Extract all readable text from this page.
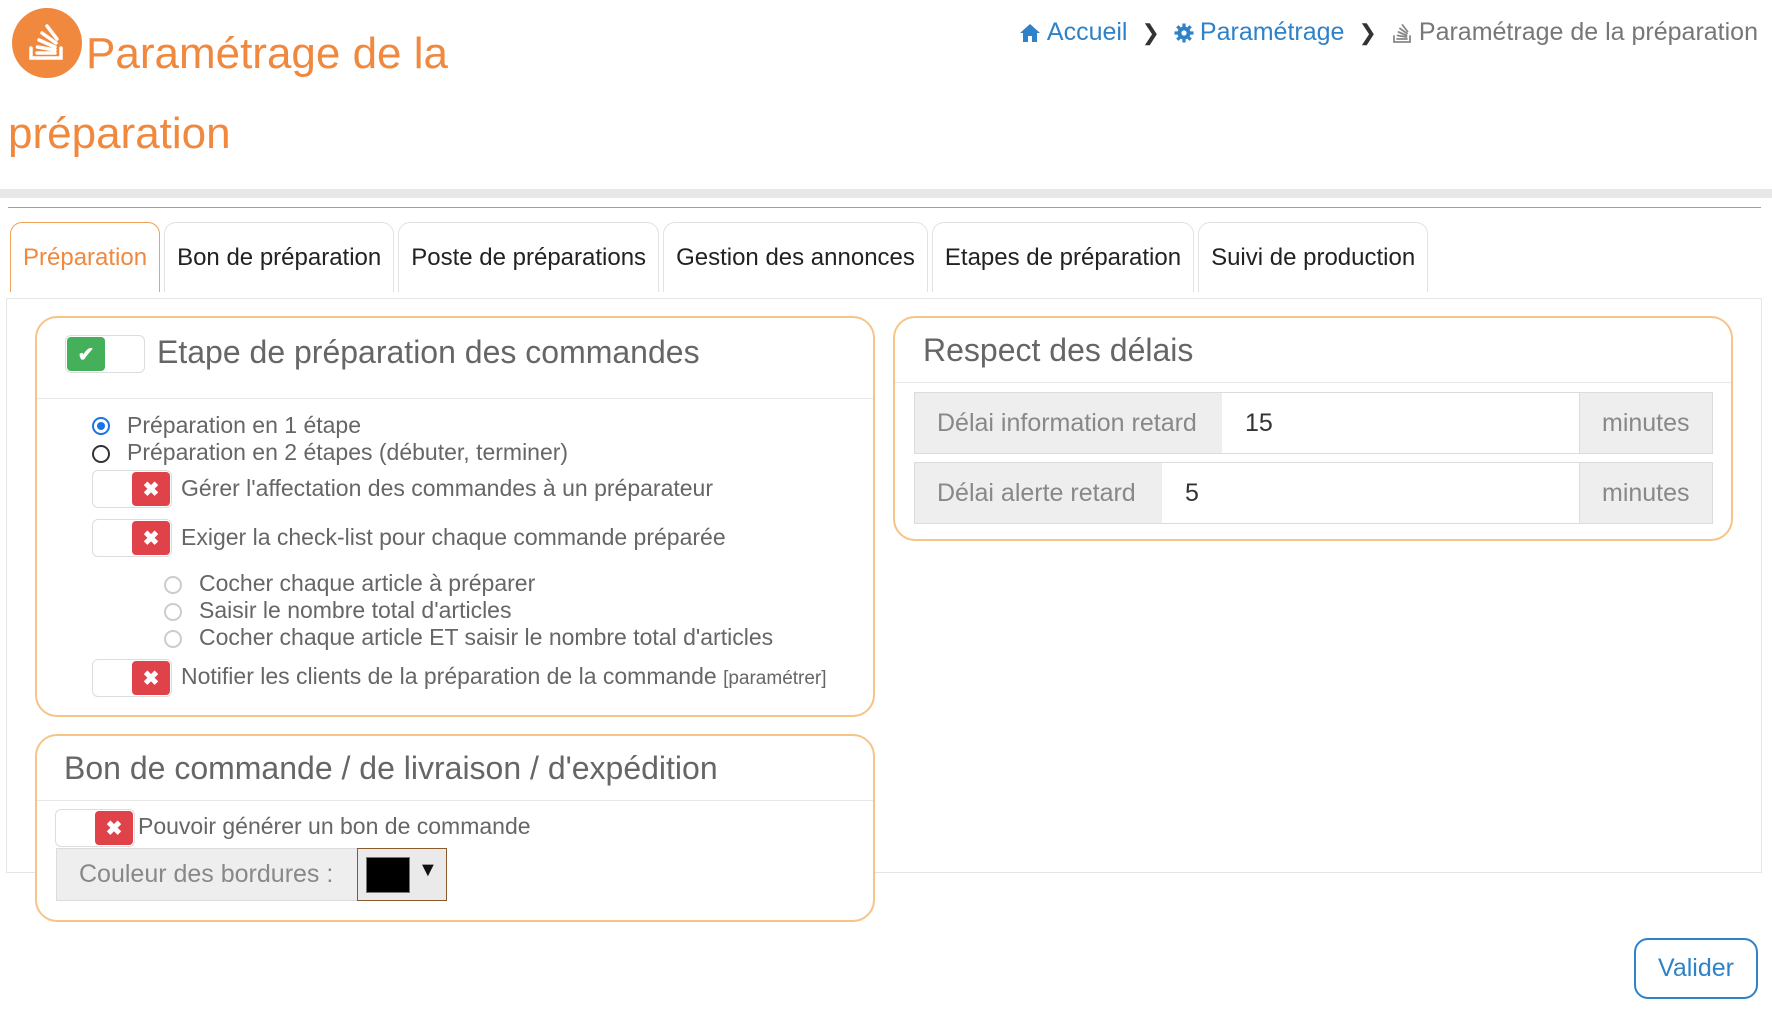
Paramétrage de la préparation
Accueil ❯ Paramétrage ❯ Paramétrage de la préparation
Préparation	Bon de préparation	Poste de préparations	Gestion des annonces	Etapes de préparation	Suivi de production
✔	Etape de préparation des commandes
Préparation en 1 étape
Préparation en 2 étapes (débuter, terminer)
✖ Gérer l'affectation des commandes à un préparateur
✖ Exiger la check-list pour chaque commande préparée
Cocher chaque article à préparer
Saisir le nombre total d'articles
Cocher chaque article ET saisir le nombre total d'articles
✖ Notifier les clients de la préparation de la commande [paramétrer]
Bon de commande / de livraison / d'expédition
✖ Pouvoir générer un bon de commande
Couleur des bordures :	▼
Respect des délais
Délai information retard 15	minutes
Délai alerte retard 5	minutes
Valider
